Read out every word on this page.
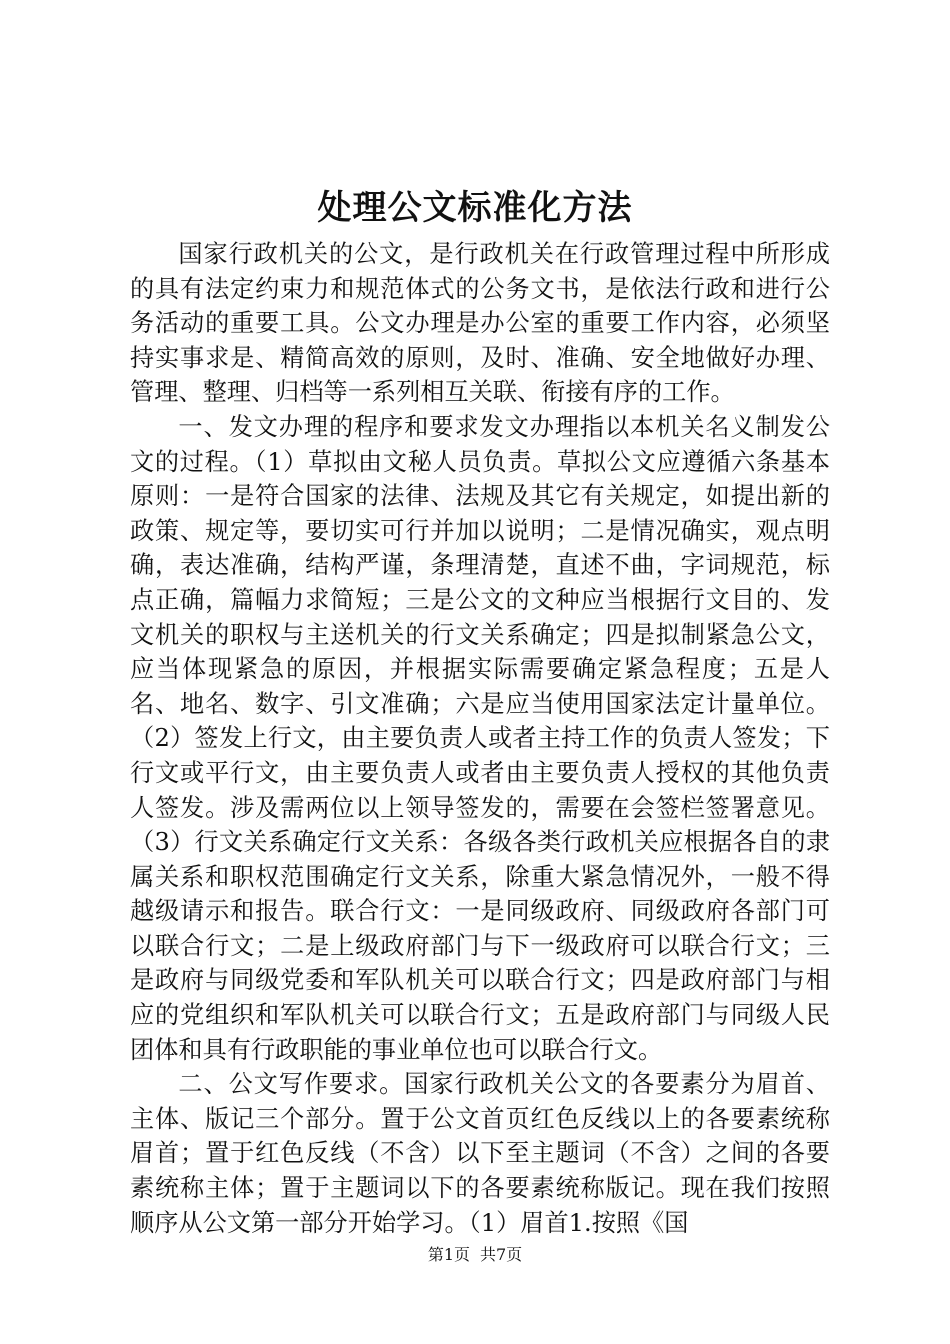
处理公文标准化方法

国家行政机关的公文，是行政机关在行政管理过程中所形成的具有法定约束力和规范体式的公务文书，是依法行政和进行公务活动的重要工具。公文办理是办公室的重要工作内容，必须坚持实事求是、精简高效的原则，及时、准确、安全地做好办理、管理、整理、归档等一系列相互关联、衔接有序的工作。

一、发文办理的程序和要求发文办理指以本机关名义制发公文的过程。（1）草拟由文秘人员负责。草拟公文应遵循六条基本原则：一是符合国家的法律、法规及其它有关规定，如提出新的政策、规定等，要切实可行并加以说明；二是情况确实，观点明确，表达准确，结构严谨，条理清楚，直述不曲，字词规范，标点正确，篇幅力求简短；三是公文的文种应当根据行文目的、发文机关的职权与主送机关的行文关系确定；四是拟制紧急公文，应当体现紧急的原因，并根据实际需要确定紧急程度；五是人名、地名、数字、引文准确；六是应当使用国家法定计量单位。（2）签发上行文，由主要负责人或者主持工作的负责人签发；下行文或平行文，由主要负责人或者由主要负责人授权的其他负责人签发。涉及需两位以上领导签发的，需要在会签栏签署意见。（3）行文关系确定行文关系：各级各类行政机关应根据各自的隶属关系和职权范围确定行文关系，除重大紧急情况外，一般不得越级请示和报告。联合行文：一是同级政府、同级政府各部门可以联合行文；二是上级政府部门与下一级政府可以联合行文；三是政府与同级党委和军队机关可以联合行文；四是政府部门与相应的党组织和军队机关可以联合行文；五是政府部门与同级人民团体和具有行政职能的事业单位也可以联合行文。

二、公文写作要求。国家行政机关公文的各要素分为眉首、主体、版记三个部分。置于公文首页红色反线以上的各要素统称眉首；置于红色反线（不含）以下至主题词（不含）之间的各要素统称主体；置于主题词以下的各要素统称版记。现在我们按照顺序从公文第一部分开始学习。（1）眉首1.按照《国

第1页 共7页
